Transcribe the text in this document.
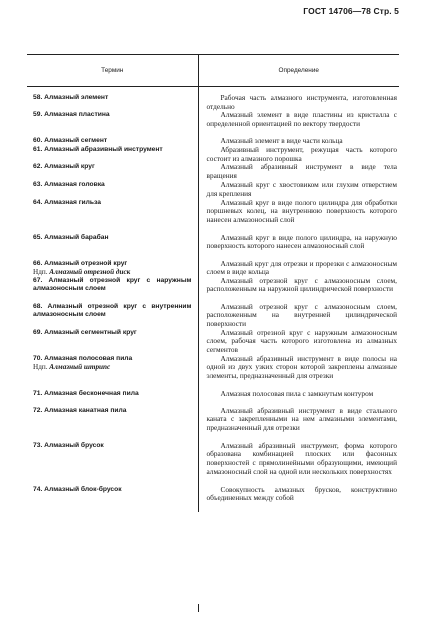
ГОСТ 14706—78 Стр. 5
Термин	Определение

58. Алмазный элемент	Рабочая часть алмазного инструмента, изготовленная отдельно

59. Алмазная пластина	Алмазный элемент в виде пластины из кристалла с определенной ориентацией по вектору твердости

60. Алмазный сегмент	Алмазный элемент в виде части кольца

61. Алмазный абразивный инструмент	Абразивный инструмент, режущая часть которого состоит из алмазного порошка

62. Алмазный круг	Алмазный абразивный инструмент в виде тела вращения

63. Алмазная головка	Алмазный круг с хвостовиком или глухим отверстием для крепления

64. Алмазная гильза	Алмазный круг в виде полого цилиндра для обработки поршневых колец, на внутреннюю поверхность которого нанесен алмазоносный слой

65. Алмазный барабан	Алмазный круг в виде полого цилиндра, на наружную поверхность которого нанесен алмазоносный слой

66. Алмазный отрезной круг
Ндп. Алмазный отрезной диск	Алмазный круг для отрезки и прорезки с алмазоносным слоем в виде кольца

67. Алмазный отрезной круг с наружным алмазоносным слоем	Алмазный отрезной круг с алмазоносным слоем, расположенным на наружной цилиндрической поверхности

68. Алмазный отрезной круг с внутренним алмазоносным слоем	Алмазный отрезной круг с алмазоносным слоем, расположенным на внутренней цилиндрической поверхности

69. Алмазный сегментный круг	Алмазный отрезной круг с наружным алмазоносным слоем, рабочая часть которого изготовлена из алмазных сегментов

70. Алмазная полосовая пила
Ндп. Алмазный штрипс	Алмазный абразивный инструмент в виде полосы на одной из двух узких сторон которой закреплены алмазные элементы, предназначенный для отрезки

71. Алмазная бесконечная пила	Алмазная полосовая пила с замкнутым контуром

72. Алмазная канатная пила	Алмазный абразивный инструмент в виде стального каната с закрепленными на нем алмазными элементами, предназначенный для отрезки

73. Алмазный брусок	Алмазный абразивный инструмент, форма которого образована комбинацией плоских или фасонных поверхностей с прямолинейными образующими, имеющий алмазоносный слой на одной или нескольких поверхностях

74. Алмазный блок-брусок	Совокупность алмазных брусков, конструктивно объединенных между собой
